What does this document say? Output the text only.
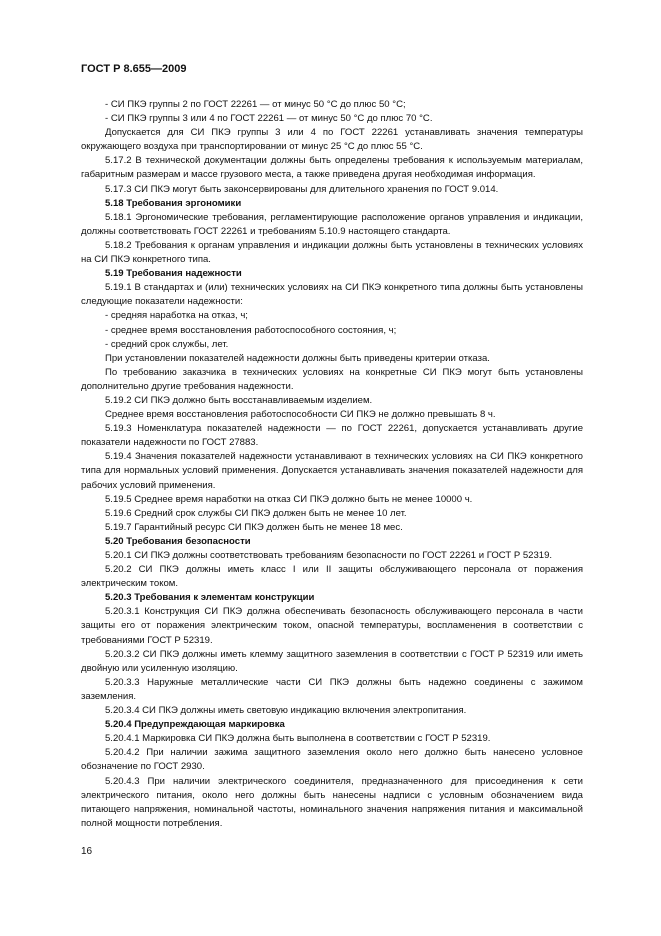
ГОСТ Р 8.655—2009

- СИ ПКЭ группы 2 по ГОСТ 22261 — от минус 50 °С до плюс 50 °С;

- СИ ПКЭ группы 3 или 4 по ГОСТ 22261 — от минус 50 °С до плюс 70 °С.

Допускается для СИ ПКЭ группы 3 или 4 по ГОСТ 22261 устанавливать значения температуры окружающего воздуха при транспортировании от минус 25 °С до плюс 55 °С.

5.17.2 В технической документации должны быть определены требования к используемым материалам, габаритным размерам и массе грузового места, а также приведена другая необходимая информация.

5.17.3 СИ ПКЭ могут быть законсервированы для длительного хранения по ГОСТ 9.014.

5.18 Требования эргономики

5.18.1 Эргономические требования, регламентирующие расположение органов управления и индикации, должны соответствовать ГОСТ 22261 и требованиям 5.10.9 настоящего стандарта.

5.18.2 Требования к органам управления и индикации должны быть установлены в технических условиях на СИ ПКЭ конкретного типа.

5.19 Требования надежности

5.19.1 В стандартах и (или) технических условиях на СИ ПКЭ конкретного типа должны быть установлены следующие показатели надежности:

- средняя наработка на отказ, ч;

- среднее время восстановления работоспособного состояния, ч;

- средний срок службы, лет.

При установлении показателей надежности должны быть приведены критерии отказа.

По требованию заказчика в технических условиях на конкретные СИ ПКЭ могут быть установлены дополнительно другие требования надежности.

5.19.2 СИ ПКЭ должно быть восстанавливаемым изделием.

Среднее время восстановления работоспособности СИ ПКЭ не должно превышать 8 ч.

5.19.3 Номенклатура показателей надежности — по ГОСТ 22261, допускается устанавливать другие показатели надежности по ГОСТ 27883.

5.19.4 Значения показателей надежности устанавливают в технических условиях на СИ ПКЭ конкретного типа для нормальных условий применения. Допускается устанавливать значения показателей надежности для рабочих условий применения.

5.19.5 Среднее время наработки на отказ СИ ПКЭ должно быть не менее 10000 ч.

5.19.6 Средний срок службы СИ ПКЭ должен быть не менее 10 лет.

5.19.7 Гарантийный ресурс СИ ПКЭ должен быть не менее 18 мес.

5.20 Требования безопасности

5.20.1 СИ ПКЭ должны соответствовать требованиям безопасности по ГОСТ 22261 и ГОСТ Р 52319.

5.20.2 СИ ПКЭ должны иметь класс I или II защиты обслуживающего персонала от поражения электрическим током.

5.20.3 Требования к элементам конструкции

5.20.3.1 Конструкция СИ ПКЭ должна обеспечивать безопасность обслуживающего персонала в части защиты его от поражения электрическим током, опасной температуры, воспламенения в соответствии с требованиями ГОСТ Р 52319.

5.20.3.2 СИ ПКЭ должны иметь клемму защитного заземления в соответствии с ГОСТ Р 52319 или иметь двойную или усиленную изоляцию.

5.20.3.3 Наружные металлические части СИ ПКЭ должны быть надежно соединены с зажимом заземления.

5.20.3.4 СИ ПКЭ должны иметь световую индикацию включения электропитания.

5.20.4 Предупреждающая маркировка

5.20.4.1 Маркировка СИ ПКЭ должна быть выполнена в соответствии с ГОСТ Р 52319.

5.20.4.2 При наличии зажима защитного заземления около него должно быть нанесено условное обозначение по ГОСТ 2930.

5.20.4.3 При наличии электрического соединителя, предназначенного для присоединения к сети электрического питания, около него должны быть нанесены надписи с условным обозначением вида питающего напряжения, номинальной частоты, номинального значения напряжения питания и максимальной полной мощности потребления.

16
